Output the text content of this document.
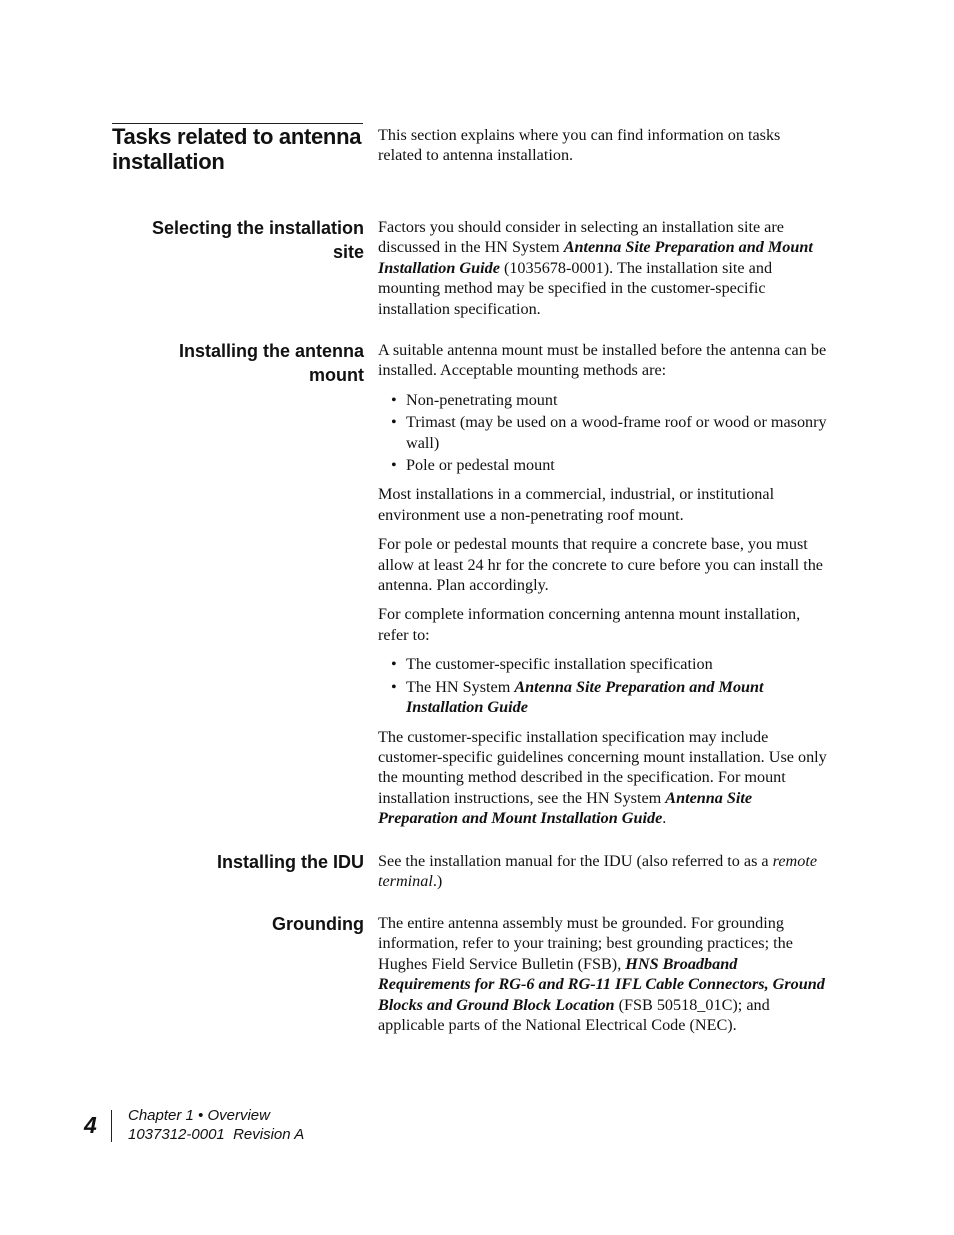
Tasks related to antenna installation

This section explains where you can find information on tasks related to antenna installation.

Selecting the installation site

Factors you should consider in selecting an installation site are discussed in the HN System Antenna Site Preparation and Mount Installation Guide (1035678-0001). The installation site and mounting method may be specified in the customer-specific installation specification.

Installing the antenna mount

A suitable antenna mount must be installed before the antenna can be installed. Acceptable mounting methods are:

• Non-penetrating mount
• Trimast (may be used on a wood-frame roof or wood or masonry wall)
• Pole or pedestal mount

Most installations in a commercial, industrial, or institutional environment use a non-penetrating roof mount.

For pole or pedestal mounts that require a concrete base, you must allow at least 24 hr for the concrete to cure before you can install the antenna. Plan accordingly.

For complete information concerning antenna mount installation, refer to:

• The customer-specific installation specification
• The HN System Antenna Site Preparation and Mount Installation Guide

The customer-specific installation specification may include customer-specific guidelines concerning mount installation. Use only the mounting method described in the specification. For mount installation instructions, see the HN System Antenna Site Preparation and Mount Installation Guide.

Installing the IDU See the installation manual for the IDU (also referred to as a remote terminal.)

Grounding The entire antenna assembly must be grounded. For grounding information, refer to your training; best grounding practices; the Hughes Field Service Bulletin (FSB), HNS Broadband Requirements for RG-6 and RG-11 IFL Cable Connectors, Ground Blocks and Ground Block Location (FSB 50518_01C); and applicable parts of the National Electrical Code (NEC).

4 Chapter 1 • Overview
1037312-0001  Revision A
